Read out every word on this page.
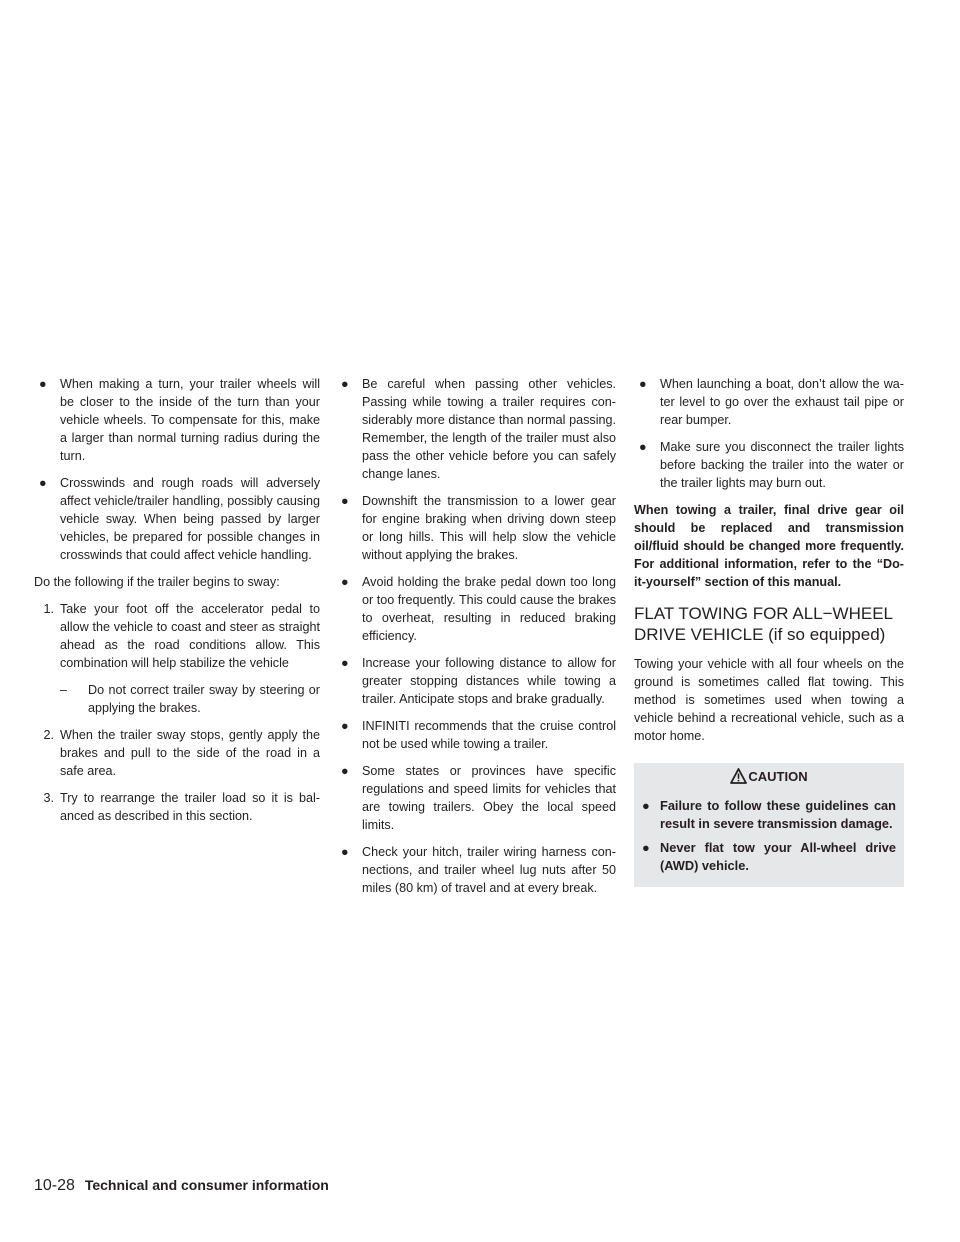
● When making a turn, your trailer wheels will be closer to the inside of the turn than your vehicle wheels. To compensate for this, make a larger than normal turning radius during the turn.
● Crosswinds and rough roads will adversely affect vehicle/trailer handling, possibly causing vehicle sway. When being passed by larger vehicles, be prepared for possible changes in crosswinds that could affect vehicle handling.

Do the following if the trailer begins to sway:

1. Take your foot off the accelerator pedal to allow the vehicle to coast and steer as straight ahead as the road conditions allow. This combination will help stabilize the vehicle
– Do not correct trailer sway by steering or applying the brakes.
2. When the trailer sway stops, gently apply the brakes and pull to the side of the road in a safe area.
3. Try to rearrange the trailer load so it is balanced as described in this section.
● Be careful when passing other vehicles. Passing while towing a trailer requires considerably more distance than normal passing. Remember, the length of the trailer must also pass the other vehicle before you can safely change lanes.
● Downshift the transmission to a lower gear for engine braking when driving down steep or long hills. This will help slow the vehicle without applying the brakes.
● Avoid holding the brake pedal down too long or too frequently. This could cause the brakes to overheat, resulting in reduced braking efficiency.
● Increase your following distance to allow for greater stopping distances while towing a trailer. Anticipate stops and brake gradually.
● INFINITI recommends that the cruise control not be used while towing a trailer.
● Some states or provinces have specific regulations and speed limits for vehicles that are towing trailers. Obey the local speed limits.
● Check your hitch, trailer wiring harness connections, and trailer wheel lug nuts after 50 miles (80 km) of travel and at every break.
● When launching a boat, don’t allow the water level to go over the exhaust tail pipe or rear bumper.
● Make sure you disconnect the trailer lights before backing the trailer into the water or the trailer lights may burn out.

When towing a trailer, final drive gear oil should be replaced and transmission oil/fluid should be changed more frequently. For additional information, refer to the “Do-it-yourself” section of this manual.

FLAT TOWING FOR ALL−WHEEL
DRIVE VEHICLE (if so equipped)

Towing your vehicle with all four wheels on the ground is sometimes called flat towing. This method is sometimes used when towing a vehicle behind a recreational vehicle, such as a motor home.

CAUTION
● Failure to follow these guidelines can result in severe transmission damage.
● Never flat tow your All-wheel drive (AWD) vehicle.
10-28 Technical and consumer information
